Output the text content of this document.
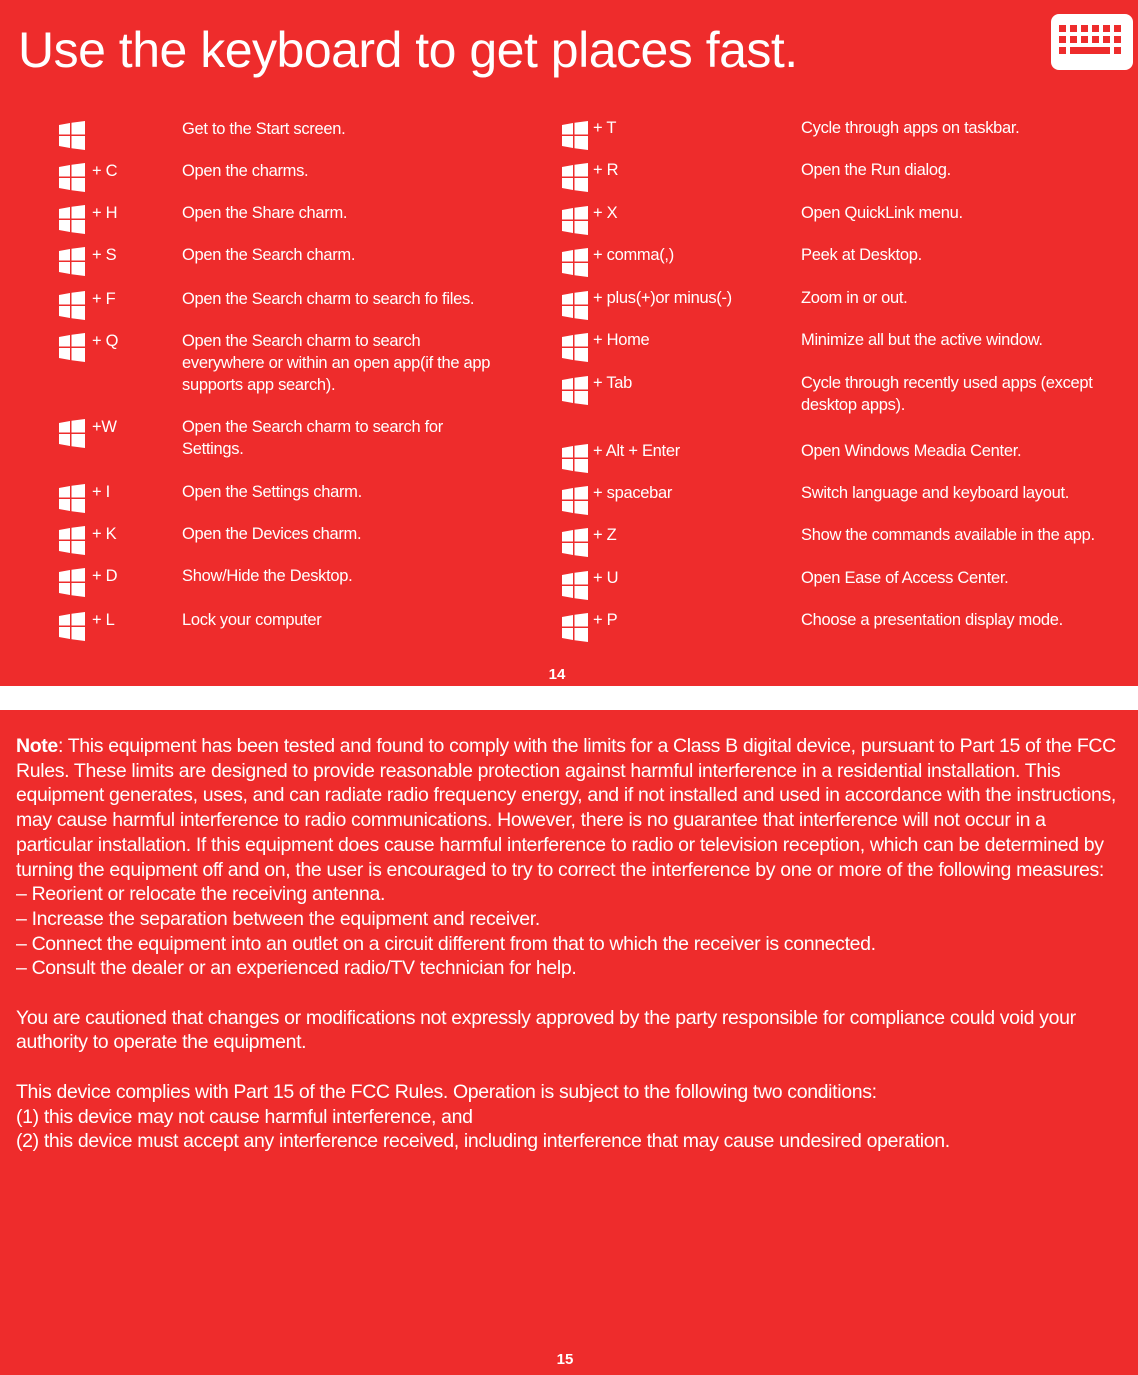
Use the keyboard to get places fast.
Get to the Start screen.
+ C	Open the charms.
+ H	Open the Share charm.
+ S	Open the Search charm.
+ F	Open the Search charm to search fo files.
+ Q	Open the Search charm to search everywhere or within an open app(if the app supports app search).
+W	Open the Search charm to search for Settings.
+ I	Open the Settings charm.
+ K	Open the Devices charm.
+ D	Show/Hide the Desktop.
+ L	Lock your computer
+ T	Cycle through apps on taskbar.
+ R	Open the Run dialog.
+ X	Open QuickLink menu.
+ comma(,)	Peek at Desktop.
+ plus(+)or minus(-)	Zoom in or out.
+ Home	Minimize all but the active window.
+ Tab	Cycle through recently used apps (except desktop apps).
+ Alt + Enter	Open Windows Meadia Center.
+ spacebar	Switch language and keyboard layout.
+ Z	Show the commands available in the app.
+ U	Open Ease of Access Center.
+ P	Choose a presentation display mode.
14

Note: This equipment has been tested and found to comply with the limits for a Class B digital device, pursuant to Part 15 of the FCC Rules. These limits are designed to provide reasonable protection against harmful interference in a residential installation. This equipment generates, uses, and can radiate radio frequency energy, and if not installed and used in accordance with the instructions, may cause harmful interference to radio communications. However, there is no guarantee that interference will not occur in a particular installation. If this equipment does cause harmful interference to radio or television reception, which can be determined by turning the equipment off and on, the user is encouraged to try to correct the interference by one or more of the following measures:

– Reorient or relocate the receiving antenna.

– Increase the separation between the equipment and receiver.

– Connect the equipment into an outlet on a circuit different from that to which the receiver is connected.

– Consult the dealer or an experienced radio/TV technician for help.

You are cautioned that changes or modifications not expressly approved by the party responsible for compliance could void your authority to operate the equipment.

This device complies with Part 15 of the FCC Rules. Operation is subject to the following two conditions:

(1) this device may not cause harmful interference, and

(2) this device must accept any interference received, including interference that may cause undesired operation.

15
